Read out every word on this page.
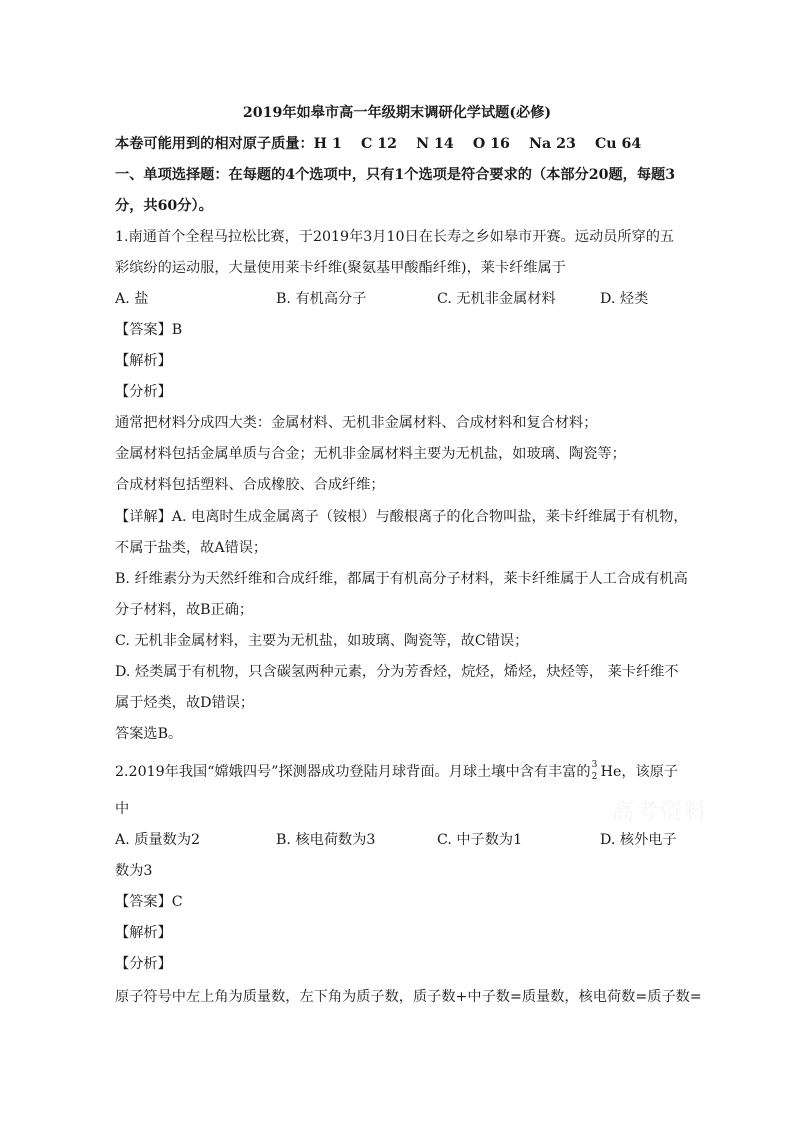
2019年如皋市高一年级期末调研化学试题(必修)
本卷可能用到的相对原子质量：H 1　 C 12　 N 14　 O 16　 Na 23　 Cu 64
一、单项选择题：在每题的4个选项中，只有1个选项是符合要求的（本部分20题，每题3
分，共60分）。
1.南通首个全程马拉松比赛，于2019年3月10日在长寿之乡如皋市开赛。远动员所穿的五
彩缤纷的运动服，大量使用莱卡纤维(聚氨基甲酸酯纤维)，莱卡纤维属于
A. 盐	B. 有机高分子	C. 无机非金属材料	D. 烃类
【答案】B
【解析】
【分析】
通常把材料分成四大类：金属材料、无机非金属材料、合成材料和复合材料；
金属材料包括金属单质与合金；无机非金属材料主要为无机盐，如玻璃、陶瓷等；
合成材料包括塑料、合成橡胶、合成纤维；
【详解】A. 电离时生成金属离子（铵根）与酸根离子的化合物叫盐，莱卡纤维属于有机物，
不属于盐类，故A错误；
B. 纤维素分为天然纤维和合成纤维，都属于有机高分子材料，莱卡纤维属于人工合成有机高
分子材料，故B正确；
C. 无机非金属材料，主要为无机盐，如玻璃、陶瓷等，故C错误；
D. 烃类属于有机物，只含碳氢两种元素，分为芳香烃，烷烃，烯烃，炔烃等， 莱卡纤维不
属于烃类，故D错误；
答案选B。
2.2019年我国“嫦娥四号”探测器成功登陆月球背面。月球土壤中含有丰富的 3
2 He，该原子
中
A. 质量数为2	B. 核电荷数为3	C. 中子数为1	D. 核外电子
数为3
【答案】C
【解析】
【分析】
原子符号中左上角为质量数，左下角为质子数，质子数+中子数=质量数，核电荷数=质子数=
高考资料
